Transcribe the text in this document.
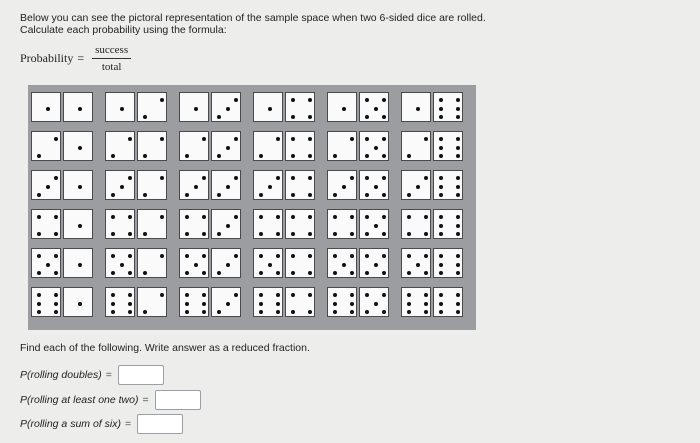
Below you can see the pictoral representation of the sample space when two 6-sided dice are rolled.
Calculate each probability using the formula:
Probability = $\frac{\text{success}}{\text{total}}$
Find each of the following. Write answer as a reduced fraction.
P(rolling doubles) =
P(rolling at least one two) =
P(rolling a sum of six) =
